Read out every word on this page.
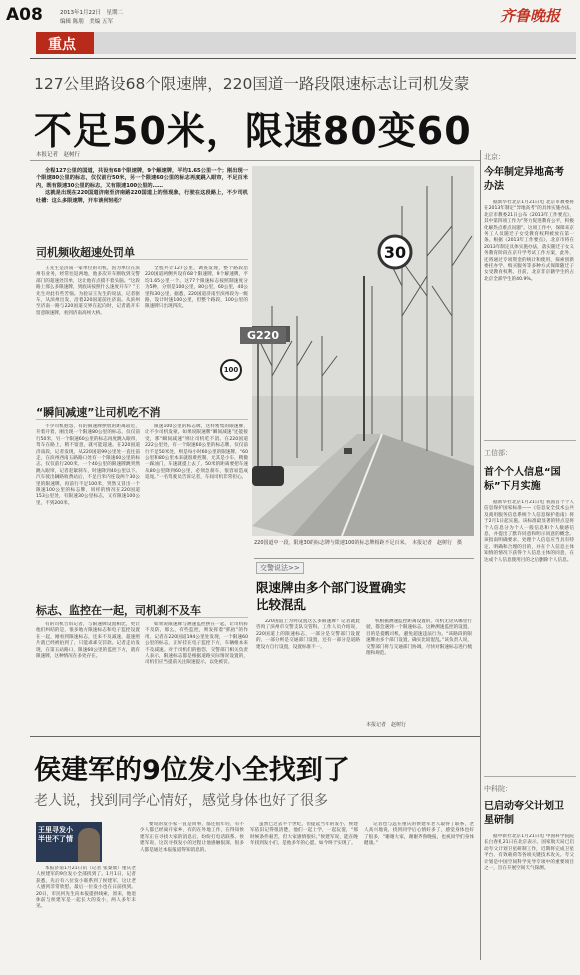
A08	2013年1月22日　星期二
编辑 陈朋　美编 五军	齐鲁晚报
重点
127公里路设68个限速牌，220国道一路段限速标志让司机发蒙
不足50米，限速80变60
本报记者　赵树行

全程127公里的国道，共设有68个限速牌，9个解速牌，平均1.65公里一个；刚出现一个限速80公里的标志，仅仅前行50米，另一个限速60公里的标志再度跳入眼帘，不足百米内，既有限速30公里的标志，又有限速100公里的……

这就是出现在220国道济南至济南路220国道上的怪现象，行驶在这段路上，不少司机吐槽：这么多限速牌，开车谈何轻松？

30
100
G220
220国道中一段，限速30的标志牌与限速100的标志牌相距不足百米。　本报记者　赵树行　摄
司机频收超速处罚单

王先生是济南一家单位的司机，因为单位在滨州有业务，经常往返两地，他多次开车断收到交警部门的超速处罚单，这让他有点摸不着头脑。“这段路上那么多限速牌，到底该按照什么速度开车？”王先生对此有些苦恼。为验证王先生的说法，记者驱车，从滨州出发，沿着220国道前往济南。从滨州至济南一路与220国道交界在起向时，记者就开车留意限速牌，看到济南高州大桥。

全程共计127公里，调查发现，整个路段沿220国道两侧共设有68个限速牌，9个解速牌，平均1.65公里一个。这77个限速标志按照制速度分为5种，分别是100公里，80公里，60公里，40公里和30公里，据悉，220国道济南至滨州段为一级路，设计时速100公里，但整个路段，100公里的限速牌只出现四次。

“瞬间减速”让司机吃不消

不少司机抱怨，有的限速牌摆放的距离较近，开着开着，刚出现一个限速80公里的标志，仅仅前行50米，另一个限速60公里的标志再度跳入眼帘，驾车在路上，稍不留意，就可能超速。在220国道济南段，记者发现，从220国道99公里处一直往前走，在滨州西南五路路口处有一个限速60公里的标志，仅仅前行200米，一个40公里的限速牌跳突然跳入眼帘，记者赶紧刹车，时速降到40公里以下。汽车驶出辆路收费站后，不足百米内连设两个30公里的限速牌，再前行不足100米，突然又冒出一个限速100公里的标志牌，同样的情况在220国道153公里处，有限速30公里标志，又有限速100公里，不到200米。

限速100公里的标志牌，这样密集的限速牌，让不少司机发蒙。如果说限速牌“瞬间减速”还能接受，那“瞬间减速”则让司机吃不消。在220国道222公里处，有一个限速60公里的标志牌，仅仅前行不足50米处，则是每小时60公里的限速牌，“60公里和80公里本来就很难控制，尤其是小车，稍微一踩油门，车速就提上去了，50米的距离要把车速从80公里降到60公里，必须急刹车，很容易造成追尾。”一名驾驶员告诉记者，车间司机非常担心。

标志、监控在一起，司机刹不及车

有的司机告诉记者，与限速牌设置相比，更让他们纠结的是，很多地方限速标志和电子监控设置在一起，刚看到限速标志，还来不及减速，超速照片就已经被拍到了，只能乖乖交罚款。记者走访发现，在第五站路口，限速60公里的监控下方，就有限速牌，这种情况在多处存在。

如果说限速牌与测速监控摆在一起，让司机猝不及防，那么，有些监控，则发挥着“抓拍”的作用，记者在220国道194公里处发现，一个限速60公里的标志，正好挂在电子监控下方，车辆根本来不及减速。对于司机们的抱怨，交警部门相关负责人表示，限速标志都是根据道路实际情况设置的，司机们应当提前关注限速提示，以免被罚。

交警说法>>
限速牌由多个部门设置确实比较混乱

220国道上为何设置这么多限速牌？记者就此咨询了滨州市交警支队交管科。工作人员介绍说，220国道上的限速标志，一部分是交警部门设置的，一部分则是交通部门设置，还有一部分是道路建设方自行设置，设置标准不一。

机根据测速监控距离设置的，司机无论从哪里行驶，都会遇到一个限速标志。这种测速监控的设置，目的是提醒司机，避免超速违法行为。“该路段的限速牌由多个部门设置，确实比较混乱。”该负责人说，交警部门将与交通部门协调，尽快对限速标志进行梳理和规范。

本报记者　赵树行
侯建军的9位发小全找到了
老人说，找到同学心情好，感觉身体也好了很多
王里寻发小 半世不了情

本报济南1月21日讯（记者 张秦康）重庆老人侯建军的9位发小全部找到了。1月1日，记者获悉，先后有八位发小联系到了侯建军，这让老人感到非常欣慰。最后一位发小也在日前找到。20日，市民何先生向本报提供线索，原来，他退休前与侯建军是一起长大的发小，两人多年未见。

要说的发小家一直是同事，都还很年轻，有不少人都已经离开家乡，有的在外地工作，在得知侯建军正在寻找大家的消息后，纷纷打电话联系。侯建军说，这次寻找发小的过程让他感触很深，很多人都是通过本报报道得知消息的。

虽然已过去半个世纪，但提起当年的发小，侯建军依旧记得很清楚，他们一起上学，一起玩耍，“那时候条件艰苦，但大家感情很好。”侯建军说，能在晚年找到发小们，是他多年的心愿，如今终于实现了。

记者也与远在重庆的侯建军老人取得了联系，老人高兴地说，找到同学后心情好多了，感觉身体也好了很多，“谢谢大家，谢谢齐鲁晚报，也祝同学们身体健康。”

北京：
今年制定异地高考办法

据新华社北京1月21日电 北京市教委将在2013年制定“异地高考”的具体实施办法。北京市教委21日公布《2013年工作要点》，其中第四项工作为“努力促进教育公平，积极化解热点难点问题”。这项工作中，保障来京务工人员随迁子女受教育权利被放在第一条。根据《2013年工作要点》，北京市将在2013年制定具体实施办法，落实随迁子女义务教育阶段在京升学考试工作方案，此外，还将通过专项资金的统计和使用，探索创新委托办学、购买服务等多种方式保障随迁子女受教育权利。目前，北京非京籍学生约占北京全部学生的40.9%。

工信部：
首个个人信息“国标”下月实施

据新华社北京1月21日电 我国首个个人信息保护国家标准——《信息安全技术公共及商用服务信息系统个人信息保护指南》将于2月1日起实施。该标准最显著的特点是将个人信息分为个人一般信息和个人敏感信息，并提出了默许同意和明示同意的概念。该指南明确要求，处理个人信息应当具有特定、明确和合理的目的，并在个人信息主体知情的情况下获得个人信息主体的同意，在达成个人信息使用目的之后删除个人信息。

中科院：
已启动夸父计划卫星研制

据中新社北京1月21日电 中国科学院院长白春礼21日在北京表示，国家航天局已启动夸父计划卫星研制工作，近期将完成卫星平台、有效载荷等各项关键技术攻关。夸父计划是中国空间科学先导专项中的重要项目之一，旨在开展空间天气探测。
